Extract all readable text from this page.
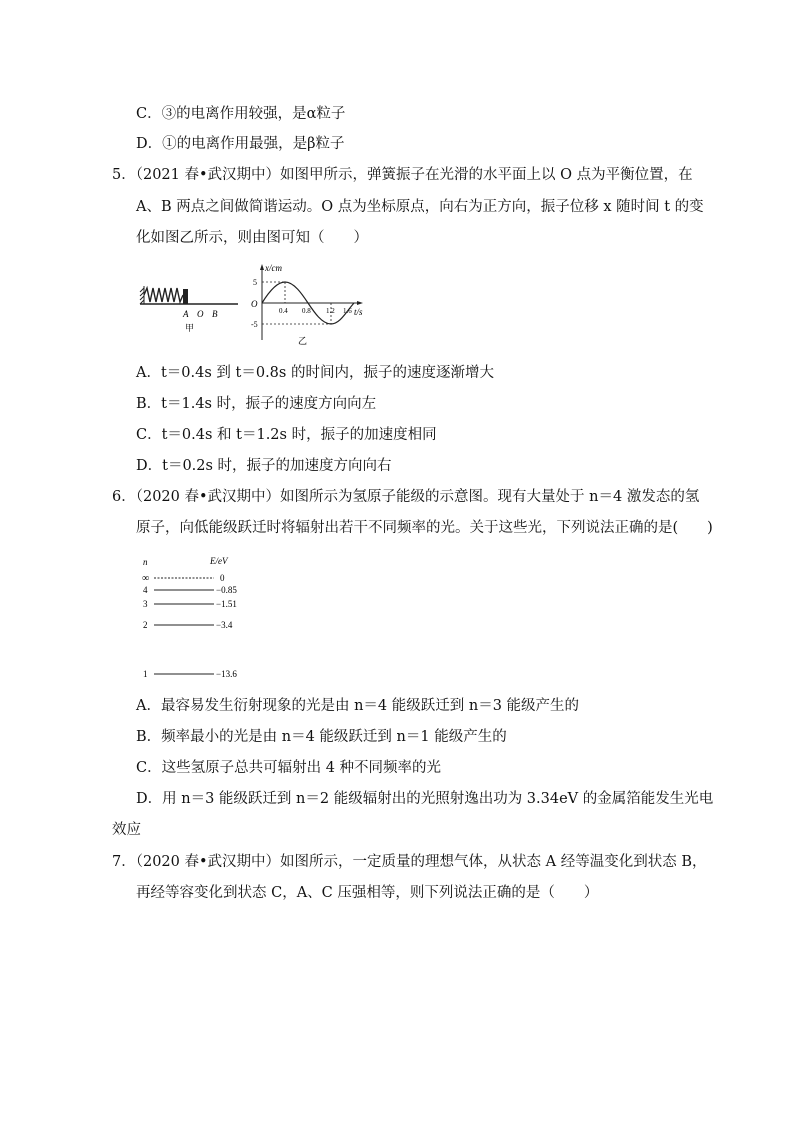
C．③的电离作用较强，是α粒子
D．①的电离作用最强，是β粒子
5．（2021 春•武汉期中）如图甲所示，弹簧振子在光滑的水平面上以 O 点为平衡位置，在
A、B 两点之间做简谐运动。O 点为坐标原点，向右为正方向，振子位移 x 随时间 t 的变
化如图乙所示，则由图可知（　　）
A O B
甲
x/cm
t/s
O
5
-5
0.4 0.8 1.2 1.6
乙
A．t＝0.4s 到 t＝0.8s 的时间内，振子的速度逐渐增大
B．t＝1.4s 时，振子的速度方向向左
C．t＝0.4s 和 t＝1.2s 时，振子的加速度相同
D．t＝0.2s 时，振子的加速度方向向右
6．（2020 春•武汉期中）如图所示为氢原子能级的示意图。现有大量处于 n＝4 激发态的氢
原子，向低能级跃迁时将辐射出若干不同频率的光。关于这些光，下列说法正确的是(　　)
n	E/eV
∞	0
4	−0.85
3	−1.51
2	−3.4
1	−13.6
A．最容易发生衍射现象的光是由 n＝4 能级跃迁到 n＝3 能级产生的
B．频率最小的光是由 n＝4 能级跃迁到 n＝1 能级产生的
C．这些氢原子总共可辐射出 4 种不同频率的光
D．用 n＝3 能级跃迁到 n＝2 能级辐射出的光照射逸出功为 3.34eV 的金属箔能发生光电
效应
7．（2020 春•武汉期中）如图所示，一定质量的理想气体，从状态 A 经等温变化到状态 B，
再经等容变化到状态 C，A、C 压强相等，则下列说法正确的是（　　）
